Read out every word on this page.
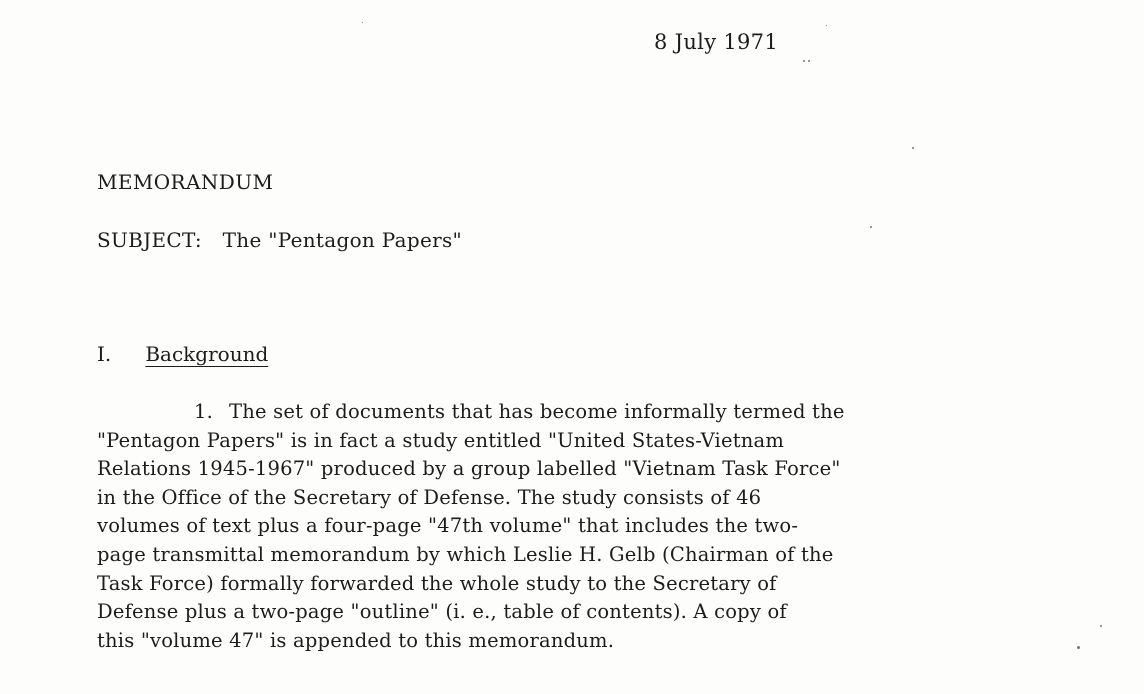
8 July 1971
MEMORANDUM
SUBJECT: The "Pentagon Papers"
I. Background
1. The set of documents that has become informally termed the
"Pentagon Papers" is in fact a study entitled "United States-Vietnam
Relations 1945-1967" produced by a group labelled "Vietnam Task Force"
in the Office of the Secretary of Defense. The study consists of 46
volumes of text plus a four-page "47th volume" that includes the two-
page transmittal memorandum by which Leslie H. Gelb (Chairman of the
Task Force) formally forwarded the whole study to the Secretary of
Defense plus a two-page "outline" (i. e., table of contents). A copy of
this "volume 47" is appended to this memorandum.
